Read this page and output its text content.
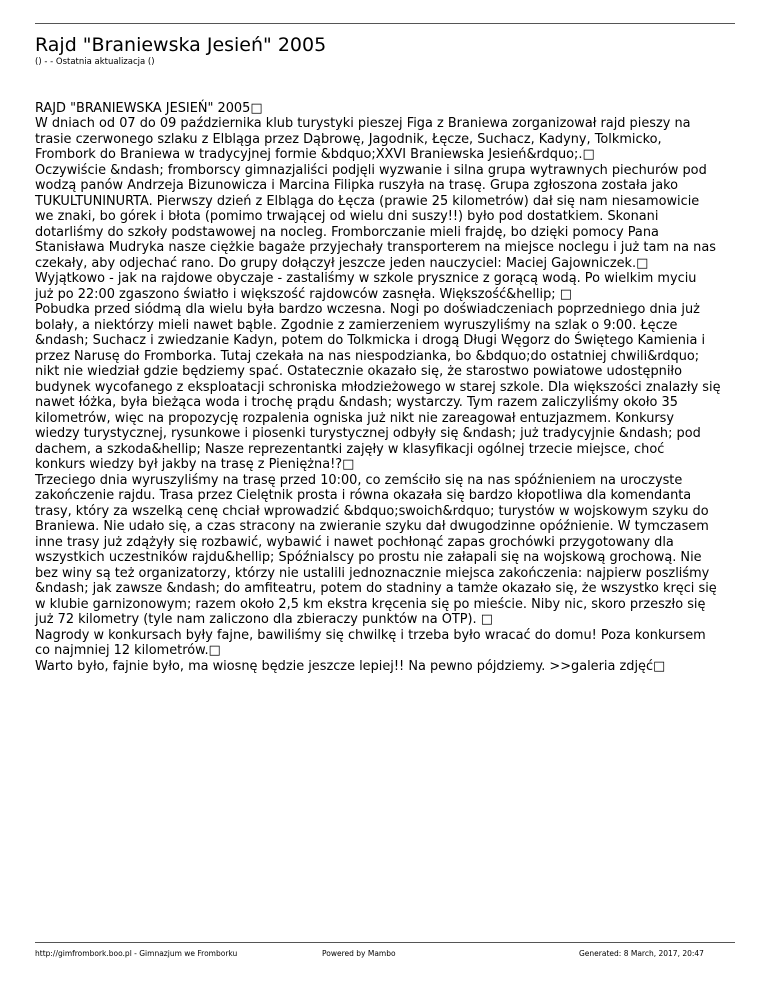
Rajd "Braniewska Jesień" 2005
() - - Ostatnia aktualizacja ()

RAJD "BRANIEWSKA JESIEŃ" 2005□
W dniach od 07 do 09 października klub turystyki pieszej Figa z Braniewa zorganizował rajd pieszy na
trasie czerwonego szlaku z Elbląga przez Dąbrowę, Jagodnik, Łęcze, Suchacz, Kadyny, Tolkmicko,
Frombork do Braniewa w tradycyjnej formie &bdquo;XXVI Braniewska Jesień&rdquo;.□
Oczywiście &ndash; fromborscy gimnazjaliści podjęli wyzwanie i silna grupa wytrawnych piechurów pod
wodzą panów Andrzeja Bizunowicza i Marcina Filipka ruszyła na trasę. Grupa zgłoszona została jako
TUKULTUNINURTA. Pierwszy dzień z Elbląga do Łęcza (prawie 25 kilometrów) dał się nam niesamowicie
we znaki, bo górek i błota (pomimo trwającej od wielu dni suszy!!) było pod dostatkiem. Skonani
dotarliśmy do szkoły podstawowej na nocleg. Fromborczanie mieli frajdę, bo dzięki pomocy Pana
Stanisława Mudryka nasze ciężkie bagaże przyjechały transporterem na miejsce noclegu i już tam na nas
czekały, aby odjechać rano. Do grupy dołączył jeszcze jeden nauczyciel: Maciej Gajowniczek.□
Wyjątkowo - jak na rajdowe obyczaje - zastaliśmy w szkole prysznice z gorącą wodą. Po wielkim myciu
już po 22:00 zgaszono światło i większość rajdowców zasnęła. Większość&hellip; □
Pobudka przed siódmą dla wielu była bardzo wczesna. Nogi po doświadczeniach poprzedniego dnia już
bolały, a niektórzy mieli nawet bąble. Zgodnie z zamierzeniem wyruszyliśmy na szlak o 9:00. Łęcze
&ndash; Suchacz i zwiedzanie Kadyn, potem do Tolkmicka i drogą Długi Węgorz do Świętego Kamienia i
przez Narusę do Fromborka. Tutaj czekała na nas niespodzianka, bo &bdquo;do ostatniej chwili&rdquo;
nikt nie wiedział gdzie będziemy spać. Ostatecznie okazało się, że starostwo powiatowe udostępniło
budynek wycofanego z eksploatacji schroniska młodzieżowego w starej szkole. Dla większości znalazły się
nawet łóżka, była bieżąca woda i trochę prądu &ndash; wystarczy. Tym razem zaliczyliśmy około 35
kilometrów, więc na propozycję rozpalenia ogniska już nikt nie zareagował entuzjazmem. Konkursy
wiedzy turystycznej, rysunkowe i piosenki turystycznej odbyły się &ndash; już tradycyjnie &ndash; pod
dachem, a szkoda&hellip; Nasze reprezentantki zajęły w klasyfikacji ogólnej trzecie miejsce, choć
konkurs wiedzy był jakby na trasę z Pieniężna!?□
Trzeciego dnia wyruszyliśmy na trasę przed 10:00, co zemściło się na nas spóźnieniem na uroczyste
zakończenie rajdu. Trasa przez Cielętnik prosta i równa okazała się bardzo kłopotliwa dla komendanta
trasy, który za wszelką cenę chciał wprowadzić &bdquo;swoich&rdquo; turystów w wojskowym szyku do
Braniewa. Nie udało się, a czas stracony na zwieranie szyku dał dwugodzinne opóźnienie. W tymczasem
inne trasy już zdążyły się rozbawić, wybawić i nawet pochłonąć zapas grochówki przygotowany dla
wszystkich uczestników rajdu&hellip; Spóźnialscy po prostu nie załapali się na wojskową grochową. Nie
bez winy są też organizatorzy, którzy nie ustalili jednoznacznie miejsca zakończenia: najpierw poszliśmy
&ndash; jak zawsze &ndash; do amfiteatru, potem do stadniny a tamże okazało się, że wszystko kręci się
w klubie garnizonowym; razem około 2,5 km ekstra kręcenia się po mieście. Niby nic, skoro przeszło się
już 72 kilometry (tyle nam zaliczono dla zbieraczy punktów na OTP). □
Nagrody w konkursach były fajne, bawiliśmy się chwilkę i trzeba było wracać do domu! Poza konkursem
co najmniej 12 kilometrów.□
Warto było, fajnie było, ma wiosnę będzie jeszcze lepiej!! Na pewno pójdziemy. >>galeria zdjęć□
http://gimfrombork.boo.pl - Gimnazjum we Fromborku	Powered by Mambo	Generated: 8 March, 2017, 20:47
